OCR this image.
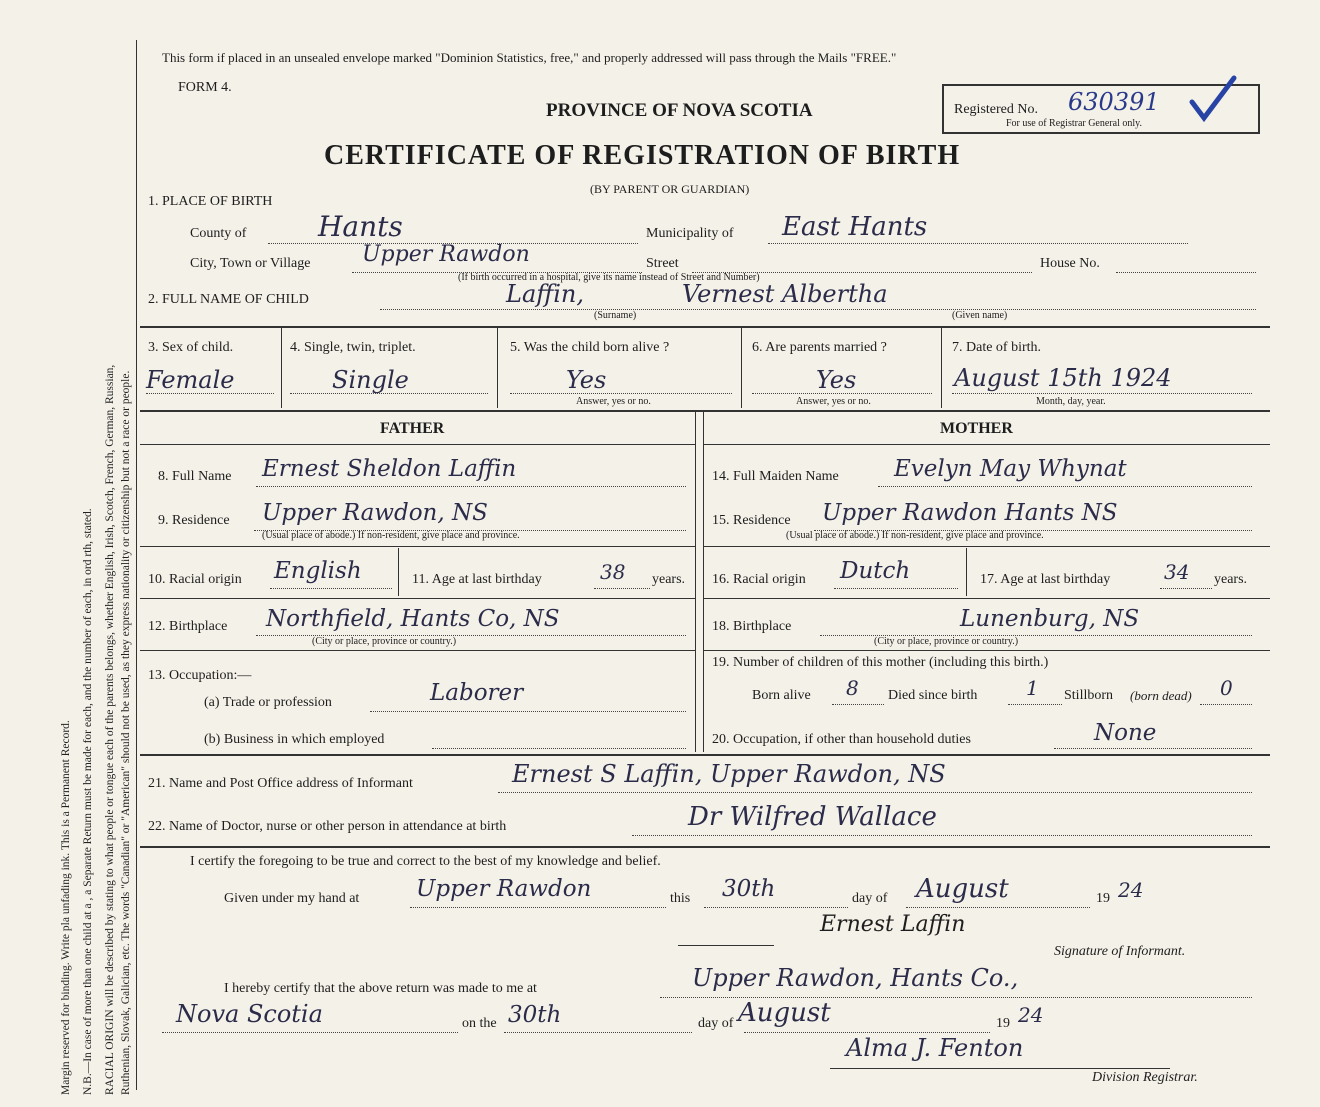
Margin reserved for binding. Write pla unfading ink. This is a Permanent Record. N.B.—In case of more than one child at a , a Separate Return must be made for each, and the number of each, in ord rth, stated. RACIAL ORIGIN will be described by stating to what people or tongue each of the parents belongs, whether English, Irish, Scotch, French, German, Russian, Ruthenian, Slovak, Galician, etc. The words "Canadian" or "American" should not be used, as they express nationality or citizenship but not a race or people.
This form if placed in an unsealed envelope marked "Dominion Statistics, free," and properly addressed will pass through the Mails "FREE."
FORM 4.
PROVINCE OF NOVA SCOTIA	Registered No. 630391
For use of Registrar General only.
CERTIFICATE OF REGISTRATION OF BIRTH
(BY PARENT OR GUARDIAN)
1. PLACE OF BIRTH
County of	Hants	Municipality of East Hants
City, Town or Village Upper Rawdon	Street	House No.
(If birth occurred in a hospital, give its name instead of Street and Number)
2. FULL NAME OF CHILD	Laffin,	Vernest Albertha
(Surname)	(Given name)
3. Sex of child.
Female
4. Single, twin, triplet.
Single
5. Was the child born alive ?
Yes
Answer, yes or no.
6. Are parents married ?
Yes
Answer, yes or no.
7. Date of birth.
August 15th 1924
Month, day, year.
FATHER	MOTHER
8. Full Name Ernest Sheldon Laffin
9. Residence Upper Rawdon, NS
(Usual place of abode.) If non-resident, give place and province.
10. Racial origin English	11. Age at last birthday	38 years.
12. Birthplace Northfield, Hants Co, NS
(City or place, province or country.)
13. Occupation:—
(a) Trade or profession	Laborer
(b) Business in which employed
14. Full Maiden Name Evelyn May Whynat
15. Residence Upper Rawdon Hants NS
(Usual place of abode.) If non-resident, give place and province.
16. Racial origin Dutch	17. Age at last birthday	34 years.
18. Birthplace	Lunenburg, NS
(City or place, province or country.)
19. Number of children of this mother (including this birth.)
Born alive 8 Died since birth 1 Stillborn (born dead) 0
20. Occupation, if other than household duties	None
21. Name and Post Office address of Informant	Ernest S Laffin, Upper Rawdon, NS
22. Name of Doctor, nurse or other person in attendance at birth	Dr Wilfred Wallace
I certify the foregoing to be true and correct to the best of my knowledge and belief.
Given under my hand at Upper Rawdon	this 30th	day of August	19 24
Ernest Laffin
Signature of Informant.
I hereby certify that the above return was made to me at	Upper Rawdon, Hants Co.,
Nova Scotia	on the 30th	day of August	19 24
Alma J. Fenton
Division Registrar.
